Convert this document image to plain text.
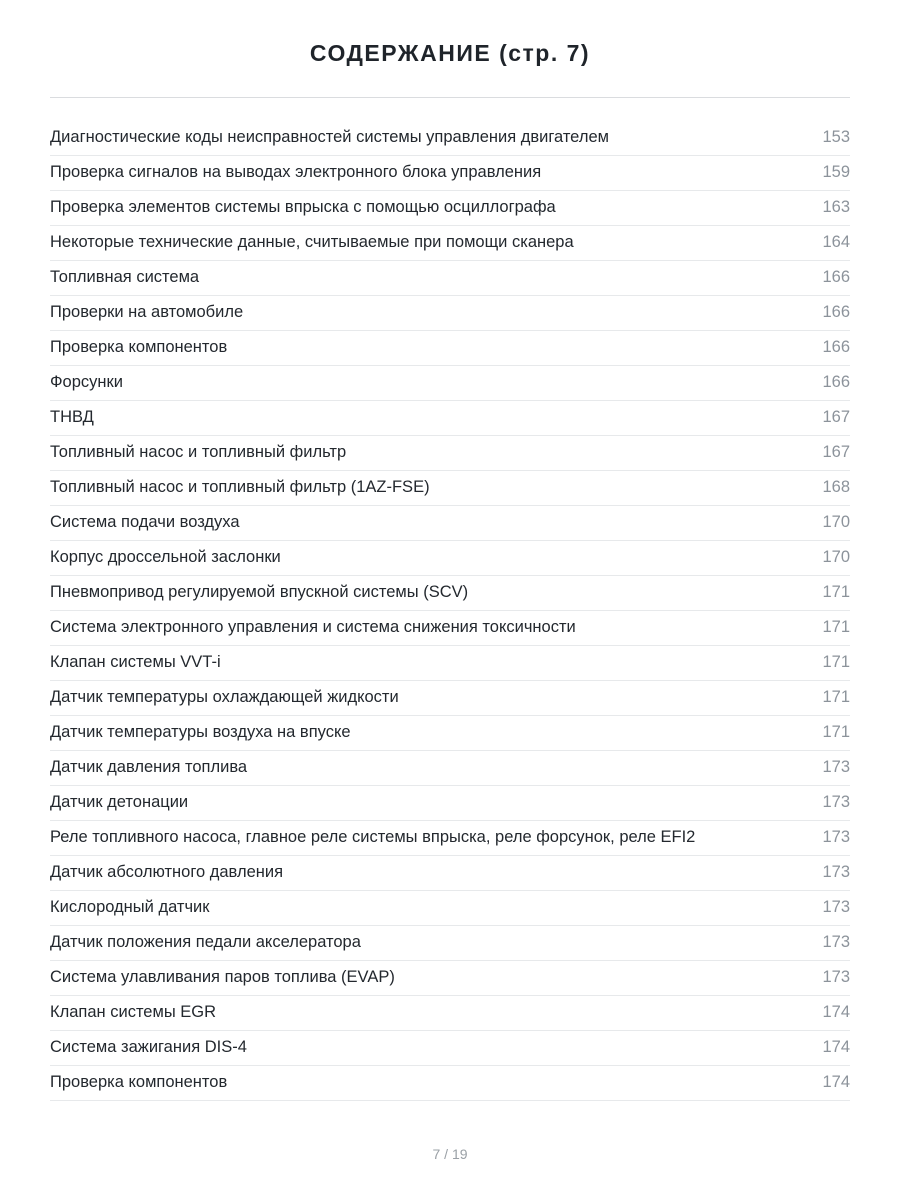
СОДЕРЖАНИЕ (стр. 7)
Диагностические коды неисправностей системы управления двигателем	153
Проверка сигналов на выводах электронного блока управления	159
Проверка элементов системы впрыска с помощью осциллографа	163
Некоторые технические данные, считываемые при помощи сканера	164
Топливная система	166
Проверки на автомобиле	166
Проверка компонентов	166
Форсунки	166
ТНВД	167
Топливный насос и топливный фильтр	167
Топливный насос и топливный фильтр (1AZ-FSE)	168
Система подачи воздуха	170
Корпус дроссельной заслонки	170
Пневмопривод регулируемой впускной системы (SCV)	171
Система электронного управления и система снижения токсичности	171
Клапан системы VVT-i	171
Датчик температуры охлаждающей жидкости	171
Датчик температуры воздуха на впуске	171
Датчик давления топлива	173
Датчик детонации	173
Реле топливного насоса, главное реле системы впрыска, реле форсунок, реле EFI2	173
Датчик абсолютного давления	173
Кислородный датчик	173
Датчик положения педали акселератора	173
Система улавливания паров топлива (EVAP)	173
Клапан системы EGR	174
Система зажигания DIS-4	174
Проверка компонентов	174
7 / 19
